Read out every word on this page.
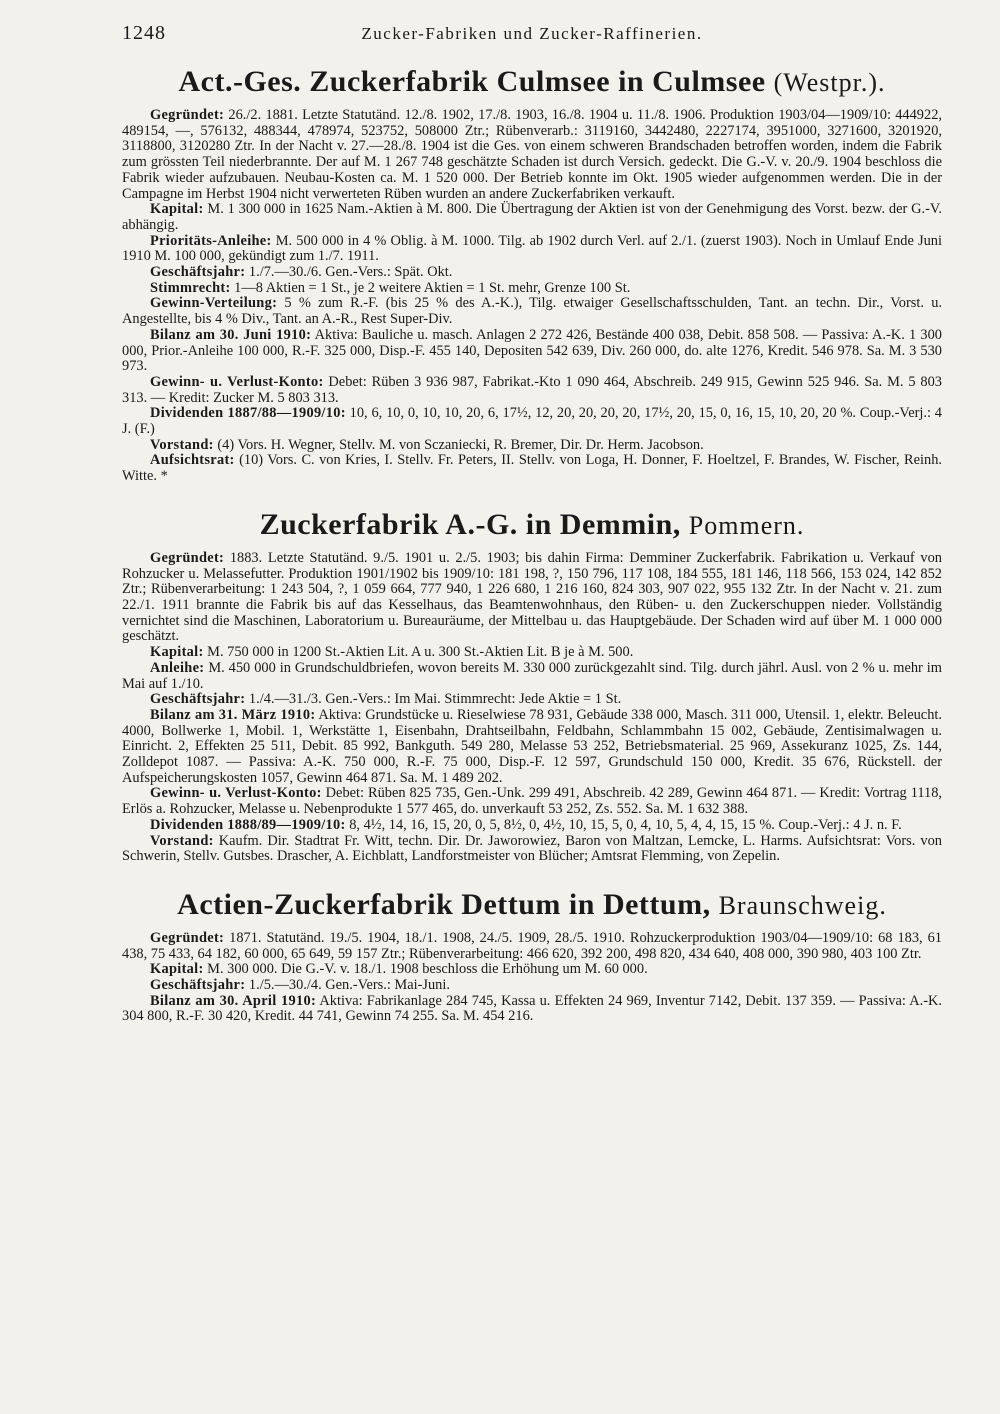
1248	Zucker-Fabriken und Zucker-Raffinerien.
Act.-Ges. Zuckerfabrik Culmsee in Culmsee (Westpr.).

Gegründet: 26./2. 1881. Letzte Statutänd. 12./8. 1902, 17./8. 1903, 16./8. 1904 u. 11./8. 1906. Produktion 1903/04—1909/10: 444922, 489154, —, 576132, 488344, 478974, 523752, 508000 Ztr.; Rübenverarb.: 3119160, 3442480, 2227174, 3951000, 3271600, 3201920, 3118800, 3120280 Ztr. In der Nacht v. 27.—28./8. 1904 ist die Ges. von einem schweren Brandschaden betroffen worden, indem die Fabrik zum grössten Teil niederbrannte. Der auf M. 1 267 748 geschätzte Schaden ist durch Versich. gedeckt. Die G.-V. v. 20./9. 1904 beschloss die Fabrik wieder aufzubauen. Neubau-Kosten ca. M. 1 520 000. Der Betrieb konnte im Okt. 1905 wieder aufgenommen werden. Die in der Campagne im Herbst 1904 nicht verwerteten Rüben wurden an andere Zuckerfabriken verkauft.

Kapital: M. 1 300 000 in 1625 Nam.-Aktien à M. 800. Die Übertragung der Aktien ist von der Genehmigung des Vorst. bezw. der G.-V. abhängig.

Prioritäts-Anleihe: M. 500 000 in 4 % Oblig. à M. 1000. Tilg. ab 1902 durch Verl. auf 2./1. (zuerst 1903). Noch in Umlauf Ende Juni 1910 M. 100 000, gekündigt zum 1./7. 1911.

Geschäftsjahr: 1./7.—30./6. Gen.-Vers.: Spät. Okt.

Stimmrecht: 1—8 Aktien = 1 St., je 2 weitere Aktien = 1 St. mehr, Grenze 100 St.

Gewinn-Verteilung: 5 % zum R.-F. (bis 25 % des A.-K.), Tilg. etwaiger Gesellschaftsschulden, Tant. an techn. Dir., Vorst. u. Angestellte, bis 4 % Div., Tant. an A.-R., Rest Super-Div.

Bilanz am 30. Juni 1910: Aktiva: Bauliche u. masch. Anlagen 2 272 426, Bestände 400 038, Debit. 858 508. — Passiva: A.-K. 1 300 000, Prior.-Anleihe 100 000, R.-F. 325 000, Disp.-F. 455 140, Depositen 542 639, Div. 260 000, do. alte 1276, Kredit. 546 978. Sa. M. 3 530 973.

Gewinn- u. Verlust-Konto: Debet: Rüben 3 936 987, Fabrikat.-Kto 1 090 464, Abschreib. 249 915, Gewinn 525 946. Sa. M. 5 803 313. — Kredit: Zucker M. 5 803 313.

Dividenden 1887/88—1909/10: 10, 6, 10, 0, 10, 10, 20, 6, 17½, 12, 20, 20, 20, 20, 17½, 20, 15, 0, 16, 15, 10, 20, 20 %. Coup.-Verj.: 4 J. (F.)

Vorstand: (4) Vors. H. Wegner, Stellv. M. von Sczaniecki, R. Bremer, Dir. Dr. Herm. Jacobson.

Aufsichtsrat: (10) Vors. C. von Kries, I. Stellv. Fr. Peters, II. Stellv. von Loga, H. Donner, F. Hoeltzel, F. Brandes, W. Fischer, Reinh. Witte. *

Zuckerfabrik A.-G. in Demmin, Pommern.

Gegründet: 1883. Letzte Statutänd. 9./5. 1901 u. 2./5. 1903; bis dahin Firma: Demminer Zuckerfabrik. Fabrikation u. Verkauf von Rohzucker u. Melassefutter. Produktion 1901/1902 bis 1909/10: 181 198, ?, 150 796, 117 108, 184 555, 181 146, 118 566, 153 024, 142 852 Ztr.; Rübenverarbeitung: 1 243 504, ?, 1 059 664, 777 940, 1 226 680, 1 216 160, 824 303, 907 022, 955 132 Ztr. In der Nacht v. 21. zum 22./1. 1911 brannte die Fabrik bis auf das Kesselhaus, das Beamtenwohnhaus, den Rüben- u. den Zuckerschuppen nieder. Vollständig vernichtet sind die Maschinen, Laboratorium u. Bureauräume, der Mittelbau u. das Hauptgebäude. Der Schaden wird auf über M. 1 000 000 geschätzt.

Kapital: M. 750 000 in 1200 St.-Aktien Lit. A u. 300 St.-Aktien Lit. B je à M. 500.

Anleihe: M. 450 000 in Grundschuldbriefen, wovon bereits M. 330 000 zurückgezahlt sind. Tilg. durch jährl. Ausl. von 2 % u. mehr im Mai auf 1./10.

Geschäftsjahr: 1./4.—31./3. Gen.-Vers.: Im Mai. Stimmrecht: Jede Aktie = 1 St.

Bilanz am 31. März 1910: Aktiva: Grundstücke u. Rieselwiese 78 931, Gebäude 338 000, Masch. 311 000, Utensil. 1, elektr. Beleucht. 4000, Bollwerke 1, Mobil. 1, Werkstätte 1, Eisenbahn, Drahtseilbahn, Feldbahn, Schlammbahn 15 002, Gebäude, Zentisimalwagen u. Einricht. 2, Effekten 25 511, Debit. 85 992, Bankguth. 549 280, Melasse 53 252, Betriebsmaterial. 25 969, Assekuranz 1025, Zs. 144, Zolldepot 1087. — Passiva: A.-K. 750 000, R.-F. 75 000, Disp.-F. 12 597, Grundschuld 150 000, Kredit. 35 676, Rückstell. der Aufspeicherungskosten 1057, Gewinn 464 871. Sa. M. 1 489 202.

Gewinn- u. Verlust-Konto: Debet: Rüben 825 735, Gen.-Unk. 299 491, Abschreib. 42 289, Gewinn 464 871. — Kredit: Vortrag 1118, Erlös a. Rohzucker, Melasse u. Nebenprodukte 1 577 465, do. unverkauft 53 252, Zs. 552. Sa. M. 1 632 388.

Dividenden 1888/89—1909/10: 8, 4½, 14, 16, 15, 20, 0, 5, 8½, 0, 4½, 10, 15, 5, 0, 4, 10, 5, 4, 4, 15, 15 %. Coup.-Verj.: 4 J. n. F.

Vorstand: Kaufm. Dir. Stadtrat Fr. Witt, techn. Dir. Dr. Jaworowiez, Baron von Maltzan, Lemcke, L. Harms. Aufsichtsrat: Vors. von Schwerin, Stellv. Gutsbes. Drascher, A. Eichblatt, Landforstmeister von Blücher; Amtsrat Flemming, von Zepelin.

Actien-Zuckerfabrik Dettum in Dettum, Braunschweig.

Gegründet: 1871. Statutänd. 19./5. 1904, 18./1. 1908, 24./5. 1909, 28./5. 1910. Rohzuckerproduktion 1903/04—1909/10: 68 183, 61 438, 75 433, 64 182, 60 000, 65 649, 59 157 Ztr.; Rübenverarbeitung: 466 620, 392 200, 498 820, 434 640, 408 000, 390 980, 403 100 Ztr.

Kapital: M. 300 000. Die G.-V. v. 18./1. 1908 beschloss die Erhöhung um M. 60 000.

Geschäftsjahr: 1./5.—30./4. Gen.-Vers.: Mai-Juni.

Bilanz am 30. April 1910: Aktiva: Fabrikanlage 284 745, Kassa u. Effekten 24 969, Inventur 7142, Debit. 137 359. — Passiva: A.-K. 304 800, R.-F. 30 420, Kredit. 44 741, Gewinn 74 255. Sa. M. 454 216.
